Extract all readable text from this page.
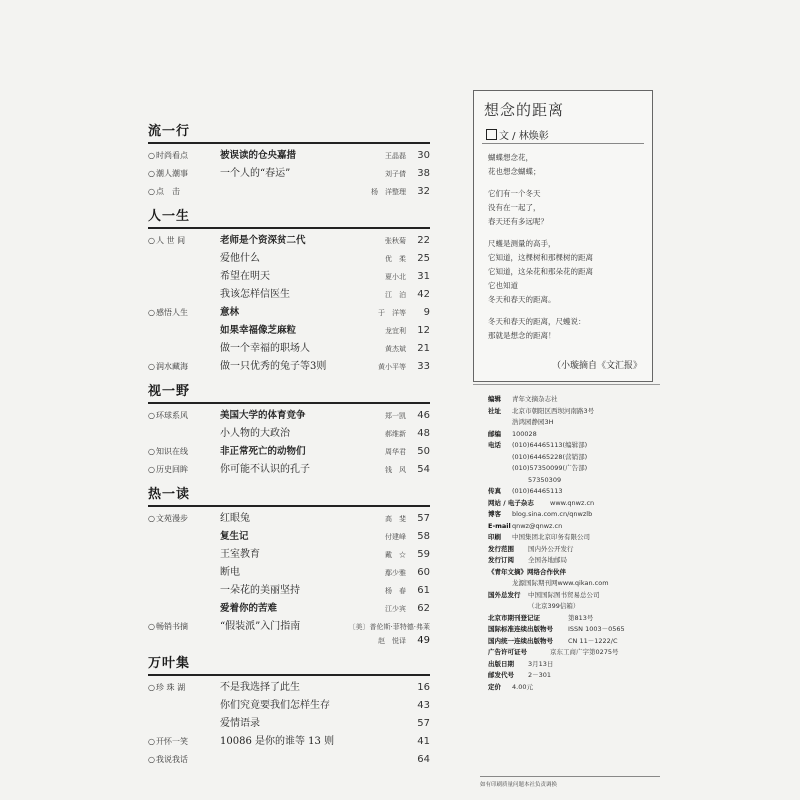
流一行
○ 时尚看点	被误读的仓央嘉措	王晶磊	30
○ 潮人潮事	一个人的“春运”	刘子倩	38
○ 点　击	杨　洋整理	32
人一生
○ 人 世 间	老师是个资深贫二代	张秋菊	22
爱他什么	优　柔	25
希望在明天	夏小北	31
我该怎样信医生	江　泊	42
○ 感悟人生	意林	于　洋等	9
如果幸福像芝麻粒	龙宜利	12
做一个幸福的职场人	黄杰斌	21
○ 润水藏海	做一只优秀的兔子等3则	黄小平等	33
视一野
○ 环球系风	美国大学的体育竞争	郑一凯	46
小人物的大政治	郝维新	48
○ 知识在线	非正常死亡的动物们	周华君	50
○ 历史回眸	你可能不认识的孔子	钱　风	54
热一读
○ 文苑漫步	红眼兔	高　斐	57
复生记	付建峰	58
王室教育	戴　☆	59
断电	鄢少雅	60
一朵花的美丽坚持	杨　春	61
爱着你的苦难	江少宾	62
○ 畅销书摘	“假装派”入门指南	〔美〕普伦斯·菲特德·弗莱
赵　悦译	49
万叶集
○ 珍 珠 湖	不是我选择了此生	16
你们究竟要我们怎样生存	43
爱情语录	57
○ 开怀一笑	10086 是你的谁等 13 则	41
○ 我说我话	64
想念的距离
文 / 林焕彰
蝴蝶想念花，
花也想念蝴蝶；
它们有一个冬天
没有在一起了，
春天还有多远呢？
尺蠖是测量的高手，
它知道，这棵树和那棵树的距离
它知道，这朵花和那朵花的距离
它也知道
冬天和春天的距离。
冬天和春天的距离，尺蠖说：
那就是想念的距离！
（小璇摘自《文汇报》
编辑 青年文摘杂志社
社址 北京市朝阳区西坝河南路3号
浩鸿园静园3H
邮编 100028
电话 (010)64465113(编辑部)
(010)64465228(营销部)
(010)57350099(广告部)
57350309
传真 (010)64465113
网站 / 电子杂志 www.qnwz.cn
博客 blog.sina.com.cn/qnwzlb
E-mail qnwz@qnwz.cn
印刷 中国集团北京印务有限公司
发行范围 国内外公开发行
发行订阅 全国各地邮局
《青年文摘》网络合作伙伴
龙源国际期刊网www.qikan.com
国外总发行 中国国际图书贸易总公司
（北京399信箱）
北京市期刊登记证	第813号
国际标准连续出版物号 ISSN 1003－0565
国内统一连续出版物号 CN 11－1222/C
广告许可证号	京东工商广字第0275号
出版日期 3月13日
邮发代号 2－301
定价 4.00元
如有印刷质量问题本社负责调换
